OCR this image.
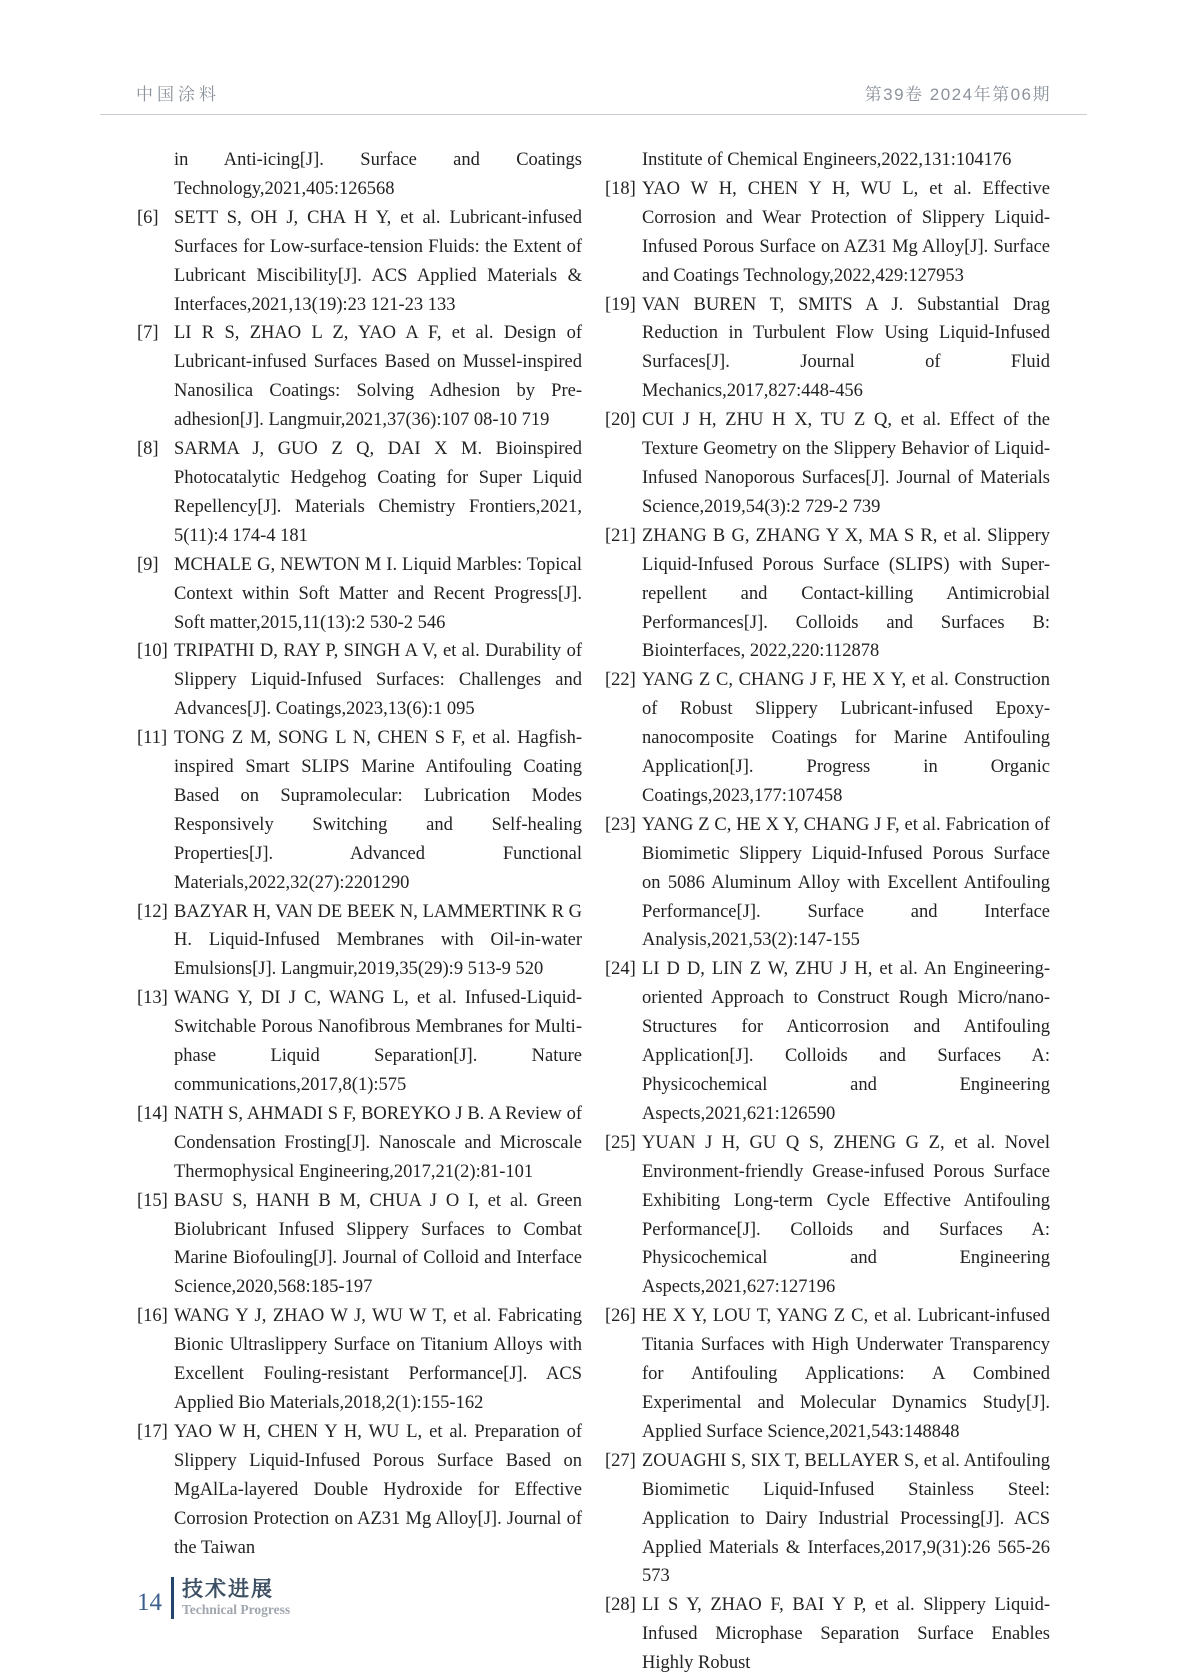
中国涂料	第39卷 2024年第06期
in Anti-icing[J]. Surface and Coatings Technology,2021,405:126568
[6] SETT S, OH J, CHA H Y, et al. Lubricant-infused Surfaces for Low-surface-tension Fluids: the Extent of Lubricant Miscibility[J]. ACS Applied Materials & Interfaces,2021,13(19):23 121-23 133
[7] LI R S, ZHAO L Z, YAO A F, et al. Design of Lubricant-infused Surfaces Based on Mussel-inspired Nanosilica Coatings: Solving Adhesion by Pre-adhesion[J]. Langmuir,2021,37(36):107 08-10 719
[8] SARMA J, GUO Z Q, DAI X M. Bioinspired Photocatalytic Hedgehog Coating for Super Liquid Repellency[J]. Materials Chemistry Frontiers,2021, 5(11):4 174-4 181
[9] MCHALE G, NEWTON M I. Liquid Marbles: Topical Context within Soft Matter and Recent Progress[J]. Soft matter,2015,11(13):2 530-2 546
[10] TRIPATHI D, RAY P, SINGH A V, et al. Durability of Slippery Liquid-Infused Surfaces: Challenges and Advances[J]. Coatings,2023,13(6):1 095
[11] TONG Z M, SONG L N, CHEN S F, et al. Hagfish-inspired Smart SLIPS Marine Antifouling Coating Based on Supramolecular: Lubrication Modes Responsively Switching and Self-healing Properties[J]. Advanced Functional Materials,2022,32(27):2201290
[12] BAZYAR H, VAN DE BEEK N, LAMMERTINK R G H. Liquid-Infused Membranes with Oil-in-water Emulsions[J]. Langmuir,2019,35(29):9 513-9 520
[13] WANG Y, DI J C, WANG L, et al. Infused-Liquid-Switchable Porous Nanofibrous Membranes for Multi-phase Liquid Separation[J]. Nature communications,2017,8(1):575
[14] NATH S, AHMADI S F, BOREYKO J B. A Review of Condensation Frosting[J]. Nanoscale and Microscale Thermophysical Engineering,2017,21(2):81-101
[15] BASU S, HANH B M, CHUA J O I, et al. Green Biolubricant Infused Slippery Surfaces to Combat Marine Biofouling[J]. Journal of Colloid and Interface Science,2020,568:185-197
[16] WANG Y J, ZHAO W J, WU W T, et al. Fabricating Bionic Ultraslippery Surface on Titanium Alloys with Excellent Fouling-resistant Performance[J]. ACS Applied Bio Materials,2018,2(1):155-162
[17] YAO W H, CHEN Y H, WU L, et al. Preparation of Slippery Liquid-Infused Porous Surface Based on MgAlLa-layered Double Hydroxide for Effective Corrosion Protection on AZ31 Mg Alloy[J]. Journal of the Taiwan
Institute of Chemical Engineers,2022,131:104176
[18] YAO W H, CHEN Y H, WU L, et al. Effective Corrosion and Wear Protection of Slippery Liquid-Infused Porous Surface on AZ31 Mg Alloy[J]. Surface and Coatings Technology,2022,429:127953
[19] VAN BUREN T, SMITS A J. Substantial Drag Reduction in Turbulent Flow Using Liquid-Infused Surfaces[J]. Journal of Fluid Mechanics,2017,827:448-456
[20] CUI J H, ZHU H X, TU Z Q, et al. Effect of the Texture Geometry on the Slippery Behavior of Liquid-Infused Nanoporous Surfaces[J]. Journal of Materials Science,2019,54(3):2 729-2 739
[21] ZHANG B G, ZHANG Y X, MA S R, et al. Slippery Liquid-Infused Porous Surface (SLIPS) with Super-repellent and Contact-killing Antimicrobial Performances[J]. Colloids and Surfaces B: Biointerfaces, 2022,220:112878
[22] YANG Z C, CHANG J F, HE X Y, et al. Construction of Robust Slippery Lubricant-infused Epoxy-nanocomposite Coatings for Marine Antifouling Application[J]. Progress in Organic Coatings,2023,177:107458
[23] YANG Z C, HE X Y, CHANG J F, et al. Fabrication of Biomimetic Slippery Liquid-Infused Porous Surface on 5086 Aluminum Alloy with Excellent Antifouling Performance[J]. Surface and Interface Analysis,2021,53(2):147-155
[24] LI D D, LIN Z W, ZHU J H, et al. An Engineering-oriented Approach to Construct Rough Micro/nano-Structures for Anticorrosion and Antifouling Application[J]. Colloids and Surfaces A: Physicochemical and Engineering Aspects,2021,621:126590
[25] YUAN J H, GU Q S, ZHENG G Z, et al. Novel Environment-friendly Grease-infused Porous Surface Exhibiting Long-term Cycle Effective Antifouling Performance[J]. Colloids and Surfaces A: Physicochemical and Engineering Aspects,2021,627:127196
[26] HE X Y, LOU T, YANG Z C, et al. Lubricant-infused Titania Surfaces with High Underwater Transparency for Antifouling Applications: A Combined Experimental and Molecular Dynamics Study[J]. Applied Surface Science,2021,543:148848
[27] ZOUAGHI S, SIX T, BELLAYER S, et al. Antifouling Biomimetic Liquid-Infused Stainless Steel: Application to Dairy Industrial Processing[J]. ACS Applied Materials & Interfaces,2017,9(31):26 565-26 573
[28] LI S Y, ZHAO F, BAI Y P, et al. Slippery Liquid-Infused Microphase Separation Surface Enables Highly Robust
14 技术进展
Technical Progress
